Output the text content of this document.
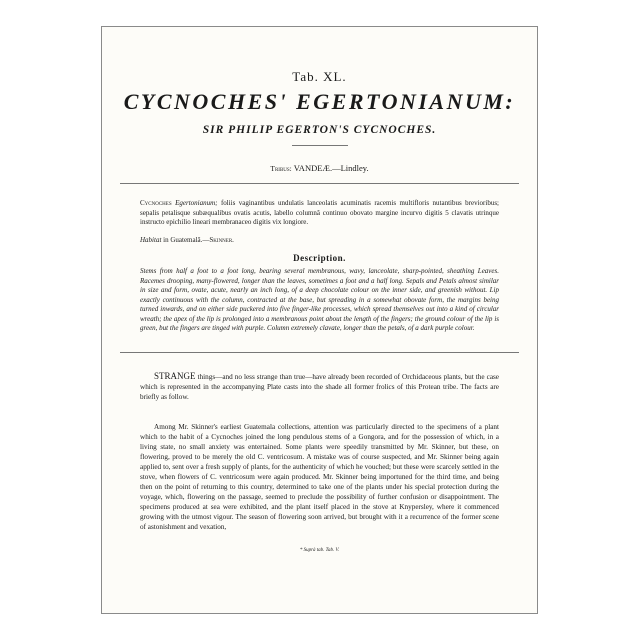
Tab. XL.
CYCNOCHES' EGERTONIANUM:
SIR PHILIP EGERTON'S CYCNOCHES.
Tribus: VANDEÆ.—Lindley.
Cycnoches Egertonianum; foliis vaginantibus undulatis lanceolatis acuminatis racemis multifloris nutantibus brevioribus; sepalis petalisque subæqualibus ovatis acutis, labello columnâ continuo obovato margine incurvo digitis 5 clavatis utrinque instructo epichilio lineari membranaceo digitis vix longiore.
Habitat in Guatemalâ.—Skinner.
Description.
Stems from half a foot to a foot long, bearing several membranous, wavy, lanceolate, sharp-pointed, sheathing Leaves. Racemes drooping, many-flowered, longer than the leaves, sometimes a foot and a half long. Sepals and Petals almost similar in size and form, ovate, acute, nearly an inch long, of a deep chocolate colour on the inner side, and greenish without. Lip exactly continuous with the column, contracted at the base, but spreading in a somewhat obovate form, the margins being turned inwards, and on either side puckered into five finger-like processes, which spread themselves out into a kind of circular wreath; the apex of the lip is prolonged into a membranous point about the length of the fingers; the ground colour of the lip is green, but the fingers are tinged with purple. Column extremely clavate, longer than the petals, of a dark purple colour.

STRANGE things—and no less strange than true—have already been recorded of Orchidaceous plants, but the case which is represented in the accompanying Plate casts into the shade all former frolics of this Protean tribe. The facts are briefly as follow.

Among Mr. Skinner's earliest Guatemala collections, attention was particularly directed to the specimens of a plant which to the habit of a Cycnoches joined the long pendulous stems of a Gongora, and for the possession of which, in a living state, no small anxiety was entertained. Some plants were speedily transmitted by Mr. Skinner, but these, on flowering, proved to be merely the old C. ventricosum. A mistake was of course suspected, and Mr. Skinner being again applied to, sent over a fresh supply of plants, for the authenticity of which he vouched; but these were scarcely settled in the stove, when flowers of C. ventricosum were again produced. Mr. Skinner being importuned for the third time, and being then on the point of returning to this country, determined to take one of the plants under his special protection during the voyage, which, flowering on the passage, seemed to preclude the possibility of further confusion or disappointment. The specimens produced at sea were exhibited, and the plant itself placed in the stove at Knypersley, where it commenced growing with the utmost vigour. The season of flowering soon arrived, but brought with it a recurrence of the former scene of astonishment and vexation,

* Suprà tab. Tab. V.
